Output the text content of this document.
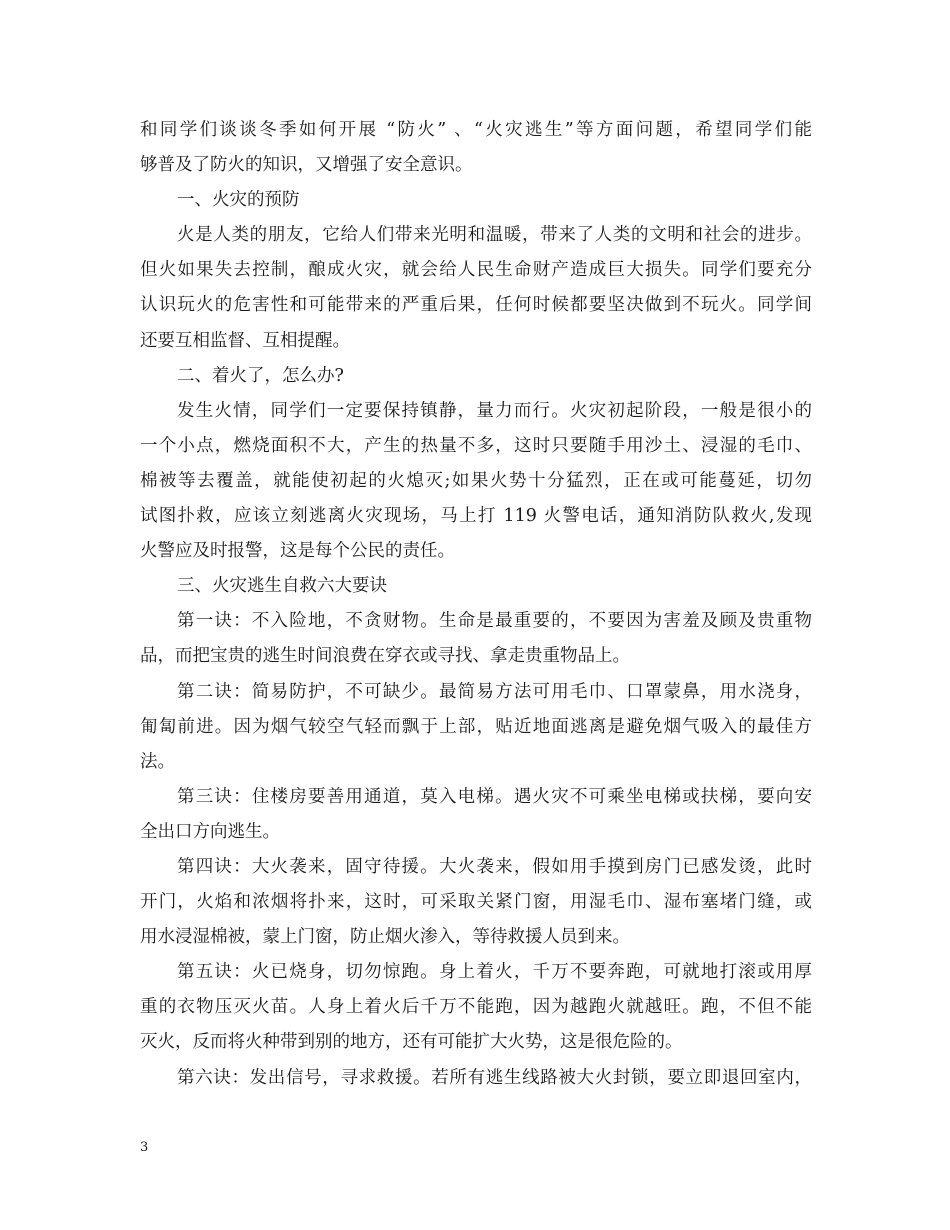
和同学们谈谈冬季如何开展 “防火” 、“火灾逃生”等方面问题，希望同学们能
够普及了防火的知识，又增强了安全意识。
一、火灾的预防
火是人类的朋友，它给人们带来光明和温暖，带来了人类的文明和社会的进步。
但火如果失去控制，酿成火灾，就会给人民生命财产造成巨大损失。同学们要充分
认识玩火的危害性和可能带来的严重后果，任何时候都要坚决做到不玩火。同学间
还要互相监督、互相提醒。
二、着火了，怎么办?
发生火情，同学们一定要保持镇静，量力而行。火灾初起阶段，一般是很小的
一个小点，燃烧面积不大，产生的热量不多，这时只要随手用沙土、浸湿的毛巾、
棉被等去覆盖，就能使初起的火熄灭;如果火势十分猛烈，正在或可能蔓延，切勿
试图扑救，应该立刻逃离火灾现场，马上打 119 火警电话，通知消防队救火,发现
火警应及时报警，这是每个公民的责任。
三、火灾逃生自救六大要诀
第一诀：不入险地，不贪财物。生命是最重要的，不要因为害羞及顾及贵重物
品，而把宝贵的逃生时间浪费在穿衣或寻找、拿走贵重物品上。
第二诀：简易防护，不可缺少。最简易方法可用毛巾、口罩蒙鼻，用水浇身，
匍匐前进。因为烟气较空气轻而飘于上部，贴近地面逃离是避免烟气吸入的最佳方
法。
第三诀：住楼房要善用通道，莫入电梯。遇火灾不可乘坐电梯或扶梯，要向安
全出口方向逃生。
第四诀：大火袭来，固守待援。大火袭来，假如用手摸到房门已感发烫，此时
开门，火焰和浓烟将扑来，这时，可采取关紧门窗，用湿毛巾、湿布塞堵门缝，或
用水浸湿棉被，蒙上门窗，防止烟火渗入，等待救援人员到来。
第五诀：火已烧身，切勿惊跑。身上着火，千万不要奔跑，可就地打滚或用厚
重的衣物压灭火苗。人身上着火后千万不能跑，因为越跑火就越旺。跑，不但不能
灭火，反而将火种带到别的地方，还有可能扩大火势，这是很危险的。
第六诀：发出信号，寻求救援。若所有逃生线路被大火封锁，要立即退回室内，
3
